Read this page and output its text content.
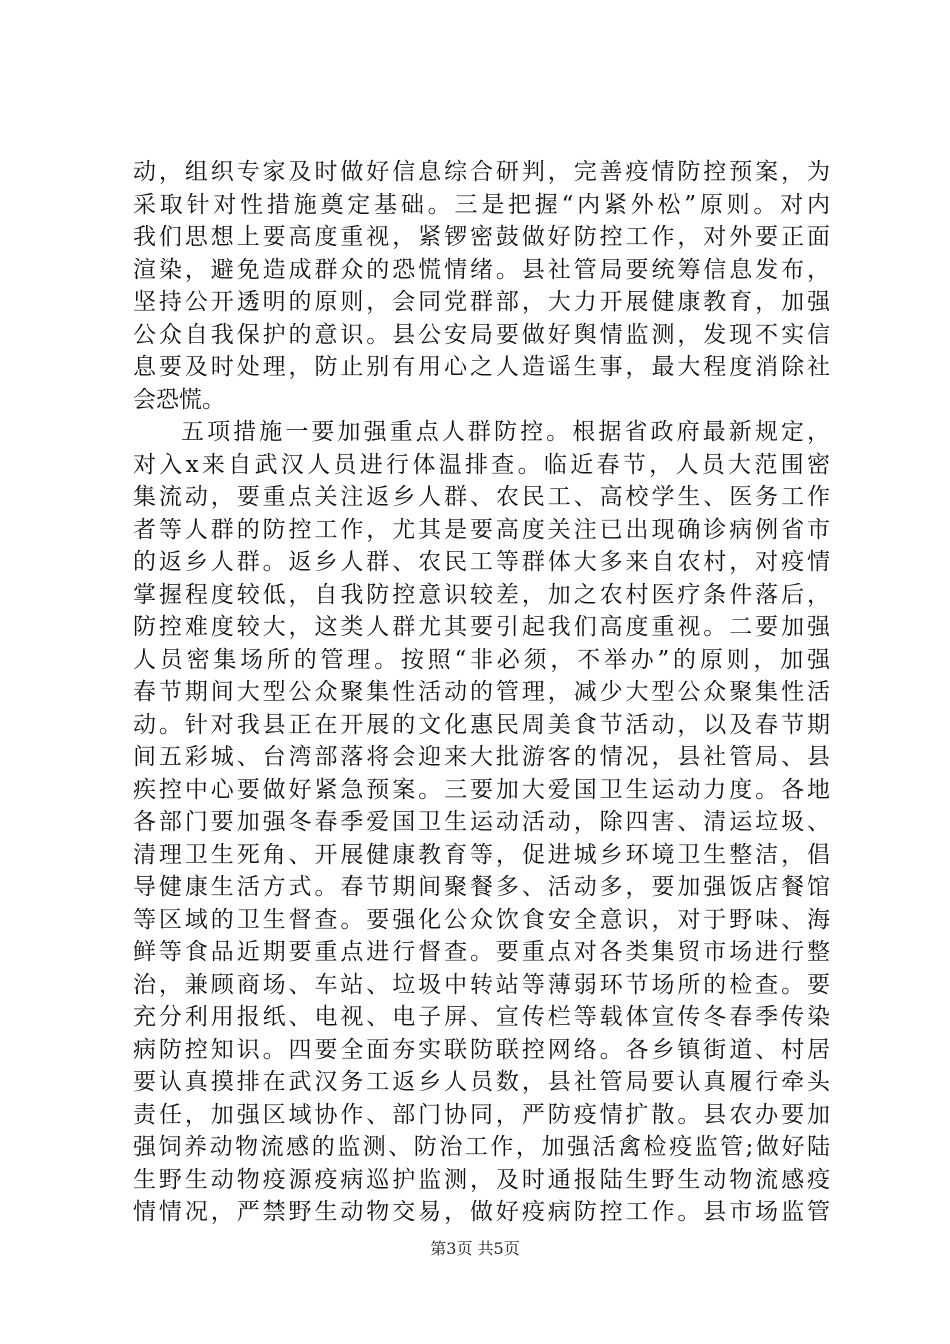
动，组织专家及时做好信息综合研判，完善疫情防控预案，为
采取针对性措施奠定基础。三是把握“内紧外松”原则。对内
我们思想上要高度重视，紧锣密鼓做好防控工作，对外要正面
渲染，避免造成群众的恐慌情绪。县社管局要统筹信息发布，
坚持公开透明的原则，会同党群部，大力开展健康教育，加强
公众自我保护的意识。县公安局要做好舆情监测，发现不实信
息要及时处理，防止别有用心之人造谣生事，最大程度消除社
会恐慌。
五项措施一要加强重点人群防控。根据省政府最新规定，
对入x来自武汉人员进行体温排查。临近春节，人员大范围密
集流动，要重点关注返乡人群、农民工、高校学生、医务工作
者等人群的防控工作，尤其是要高度关注已出现确诊病例省市
的返乡人群。返乡人群、农民工等群体大多来自农村，对疫情
掌握程度较低，自我防控意识较差，加之农村医疗条件落后，
防控难度较大，这类人群尤其要引起我们高度重视。二要加强
人员密集场所的管理。按照“非必须，不举办”的原则，加强
春节期间大型公众聚集性活动的管理，减少大型公众聚集性活
动。针对我县正在开展的文化惠民周美食节活动，以及春节期
间五彩城、台湾部落将会迎来大批游客的情况，县社管局、县
疾控中心要做好紧急预案。三要加大爱国卫生运动力度。各地
各部门要加强冬春季爱国卫生运动活动，除四害、清运垃圾、
清理卫生死角、开展健康教育等，促进城乡环境卫生整洁，倡
导健康生活方式。春节期间聚餐多、活动多，要加强饭店餐馆
等区域的卫生督查。要强化公众饮食安全意识，对于野味、海
鲜等食品近期要重点进行督查。要重点对各类集贸市场进行整
治，兼顾商场、车站、垃圾中转站等薄弱环节场所的检查。要
充分利用报纸、电视、电子屏、宣传栏等载体宣传冬春季传染
病防控知识。四要全面夯实联防联控网络。各乡镇街道、村居
要认真摸排在武汉务工返乡人员数，县社管局要认真履行牵头
责任，加强区域协作、部门协同，严防疫情扩散。县农办要加
强饲养动物流感的监测、防治工作，加强活禽检疫监管;做好陆
生野生动物疫源疫病巡护监测，及时通报陆生野生动物流感疫
情情况，严禁野生动物交易，做好疫病防控工作。县市场监管
第3页 共5页
